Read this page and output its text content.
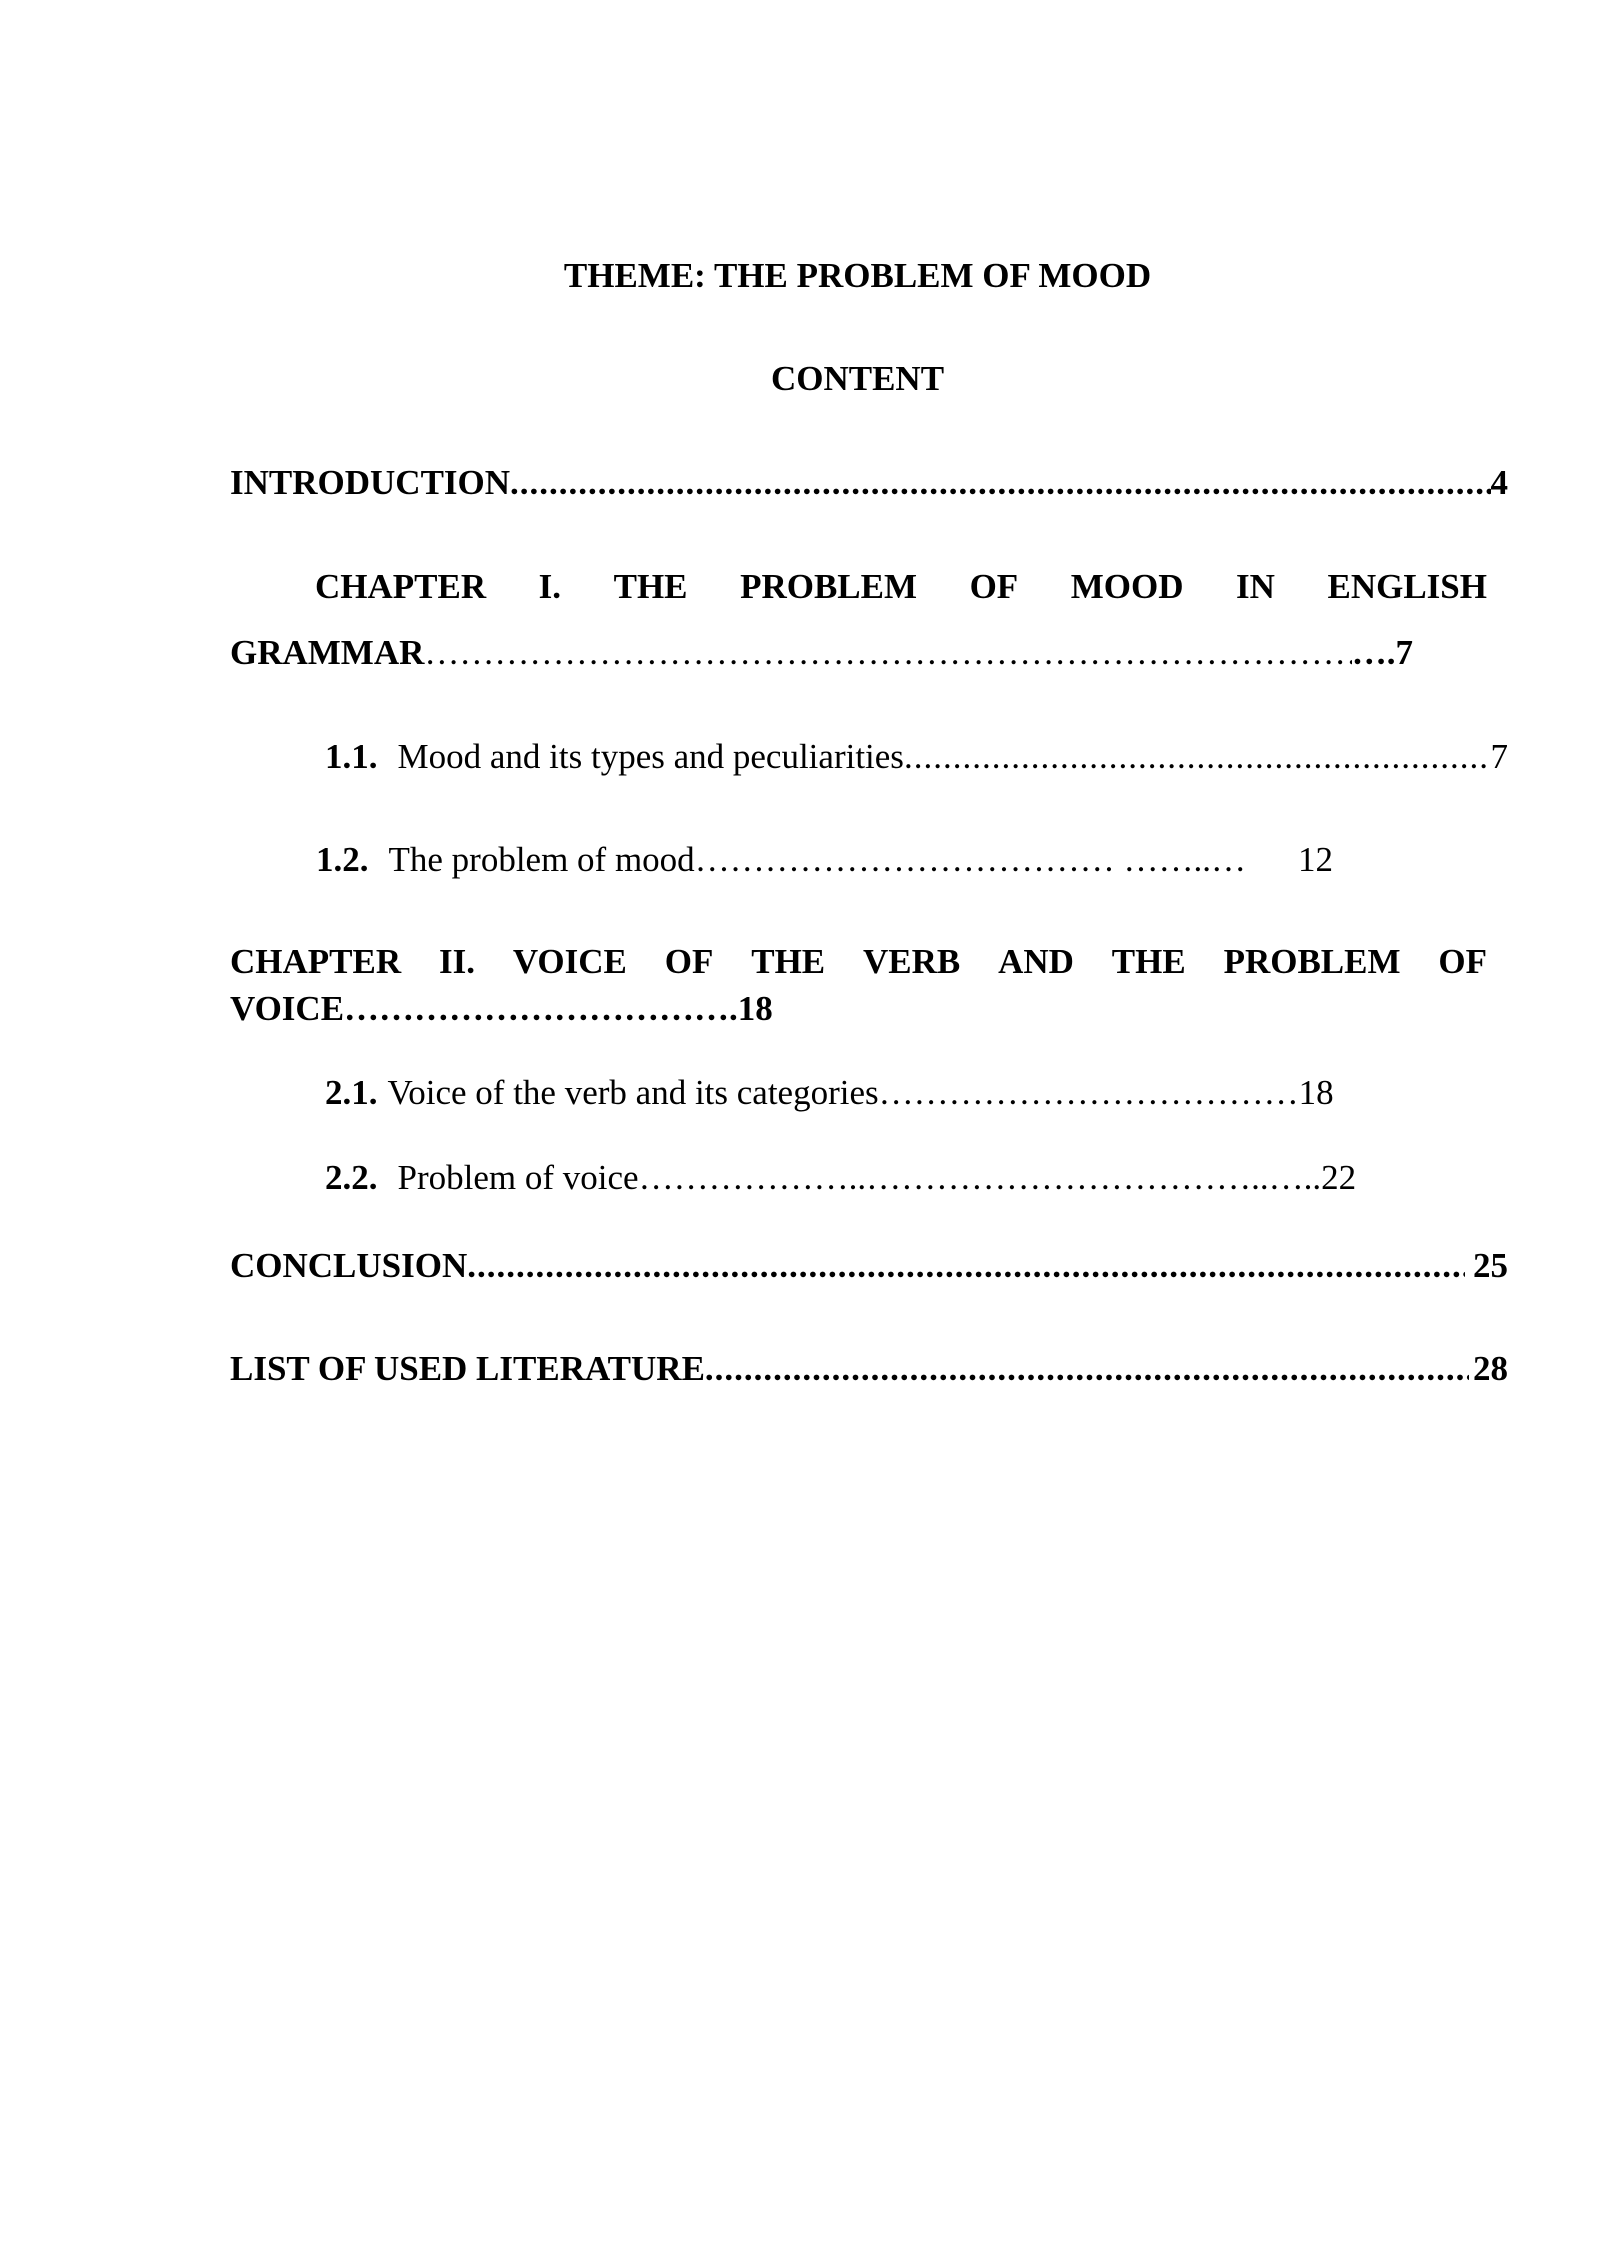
THEME: THE PROBLEM OF MOOD
CONTENT
INTRODUCTION .....	4
CHAPTER I. THE PROBLEM OF MOOD IN ENGLISH
GRAMMAR ………………………………………………………………………………………………………………………………………………………………………………	…. 7
1.1. Mood and its types and peculiarities .....	7
1.2. The problem of mood ……………………………… ……..… 12
CHAPTER II. VOICE OF THE VERB AND THE PROBLEM OF
VOICE…………………………….18
2.1. Voice of the verb and its categories ……………………………… 18
2.2. Problem of voice ………………..……………………………..….. 22
CONCLUSION .....	25
LIST OF USED LITERATURE .....	28
